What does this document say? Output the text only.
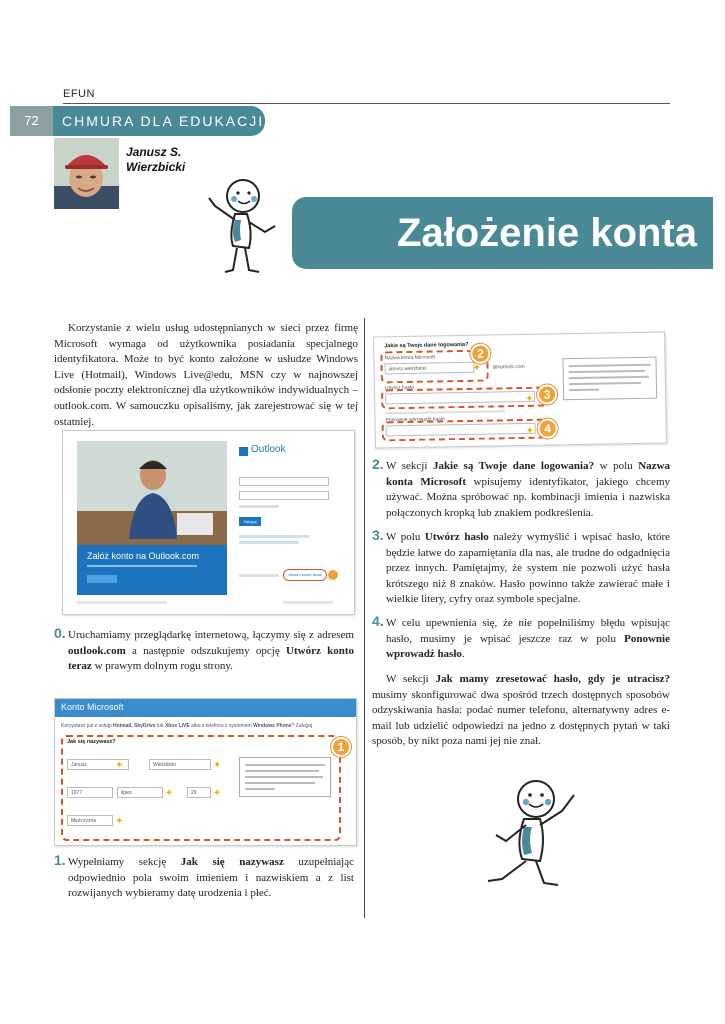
EFUN
72	CHMURA DLA EDUKACJI
Janusz S.
Wierzbicki
Założenie konta
Korzystanie z wielu usług udostępnianych w sieci przez firmę Microsoft wymaga od użytkownika posiadania specjalnego identyfikatora. Może to być konto założone w usłudze Windows Live (Hotmail), Windows Live@edu, MSN czy w najnowszej odsłonie poczty elektronicznej dla użytkowników indywidualnych – outlook.com. W samouczku opisaliśmy, jak zarejestrować się w tej ostatniej.
Załóż konto na Outlook.com
Outlook
Zaloguj
Utwórz konto teraz
0. Uruchamiamy przeglądarkę internetową, łączymy się z adresem outlook.com a następnie odszukujemy opcję Utwórz konto teraz w prawym dolnym rogu strony.
Konto Microsoft
Korzystasz już z usługi Hotmail, SkyDrive lub Xbox LIVE albo z telefonu z systemem Windows Phone? Zaloguj
Jak się nazywasz?
Janusz	Wierzbicki
1977	lipiec	29
Mężczyzna
✦	✦
✦	✦
✦
1
1. Wypełniamy sekcję Jak się nazywasz uzupełniając odpowiednio pola swoim imieniem i nazwiskiem a z list rozwijanych wybieramy datę urodzenia i płeć.
Jakie są Twoje dane logowania?
Nazwa konta Microsoft
janusz.wierzbicki	@outlook.com
2
✦
Utwórz hasło	3
Ponownie wprowadź hasło
4
✦
✦
2. W sekcji Jakie są Twoje dane logowania? w polu Nazwa konta Microsoft wpisujemy identyfikator, jakiego chcemy używać. Można spróbować np. kombinacji imienia i nazwiska połączonych kropką lub znakiem podkreślenia.
3. W polu Utwórz hasło należy wymyślić i wpisać hasło, które będzie łatwe do zapamiętania dla nas, ale trudne do odgadnięcia przez innych. Pamiętajmy, że system nie pozwoli użyć hasła krótszego niż 8 znaków. Hasło powinno także zawierać małe i wielkie litery, cyfry oraz symbole specjalne.
4. W celu upewnienia się, że nie popełniliśmy błędu wpisując hasło, musimy je wpisać jeszcze raz w polu Ponownie wprowadź hasło.
W sekcji Jak mamy zresetować hasło, gdy je utracisz? musimy skonfigurować dwa spośród trzech dostępnych sposobów odzyskiwania hasła: podać numer telefonu, alternatywny adres e-mail lub udzielić odpowiedzi na jedno z dostępnych pytań w taki sposób, by nikt poza nami jej nie znał.
